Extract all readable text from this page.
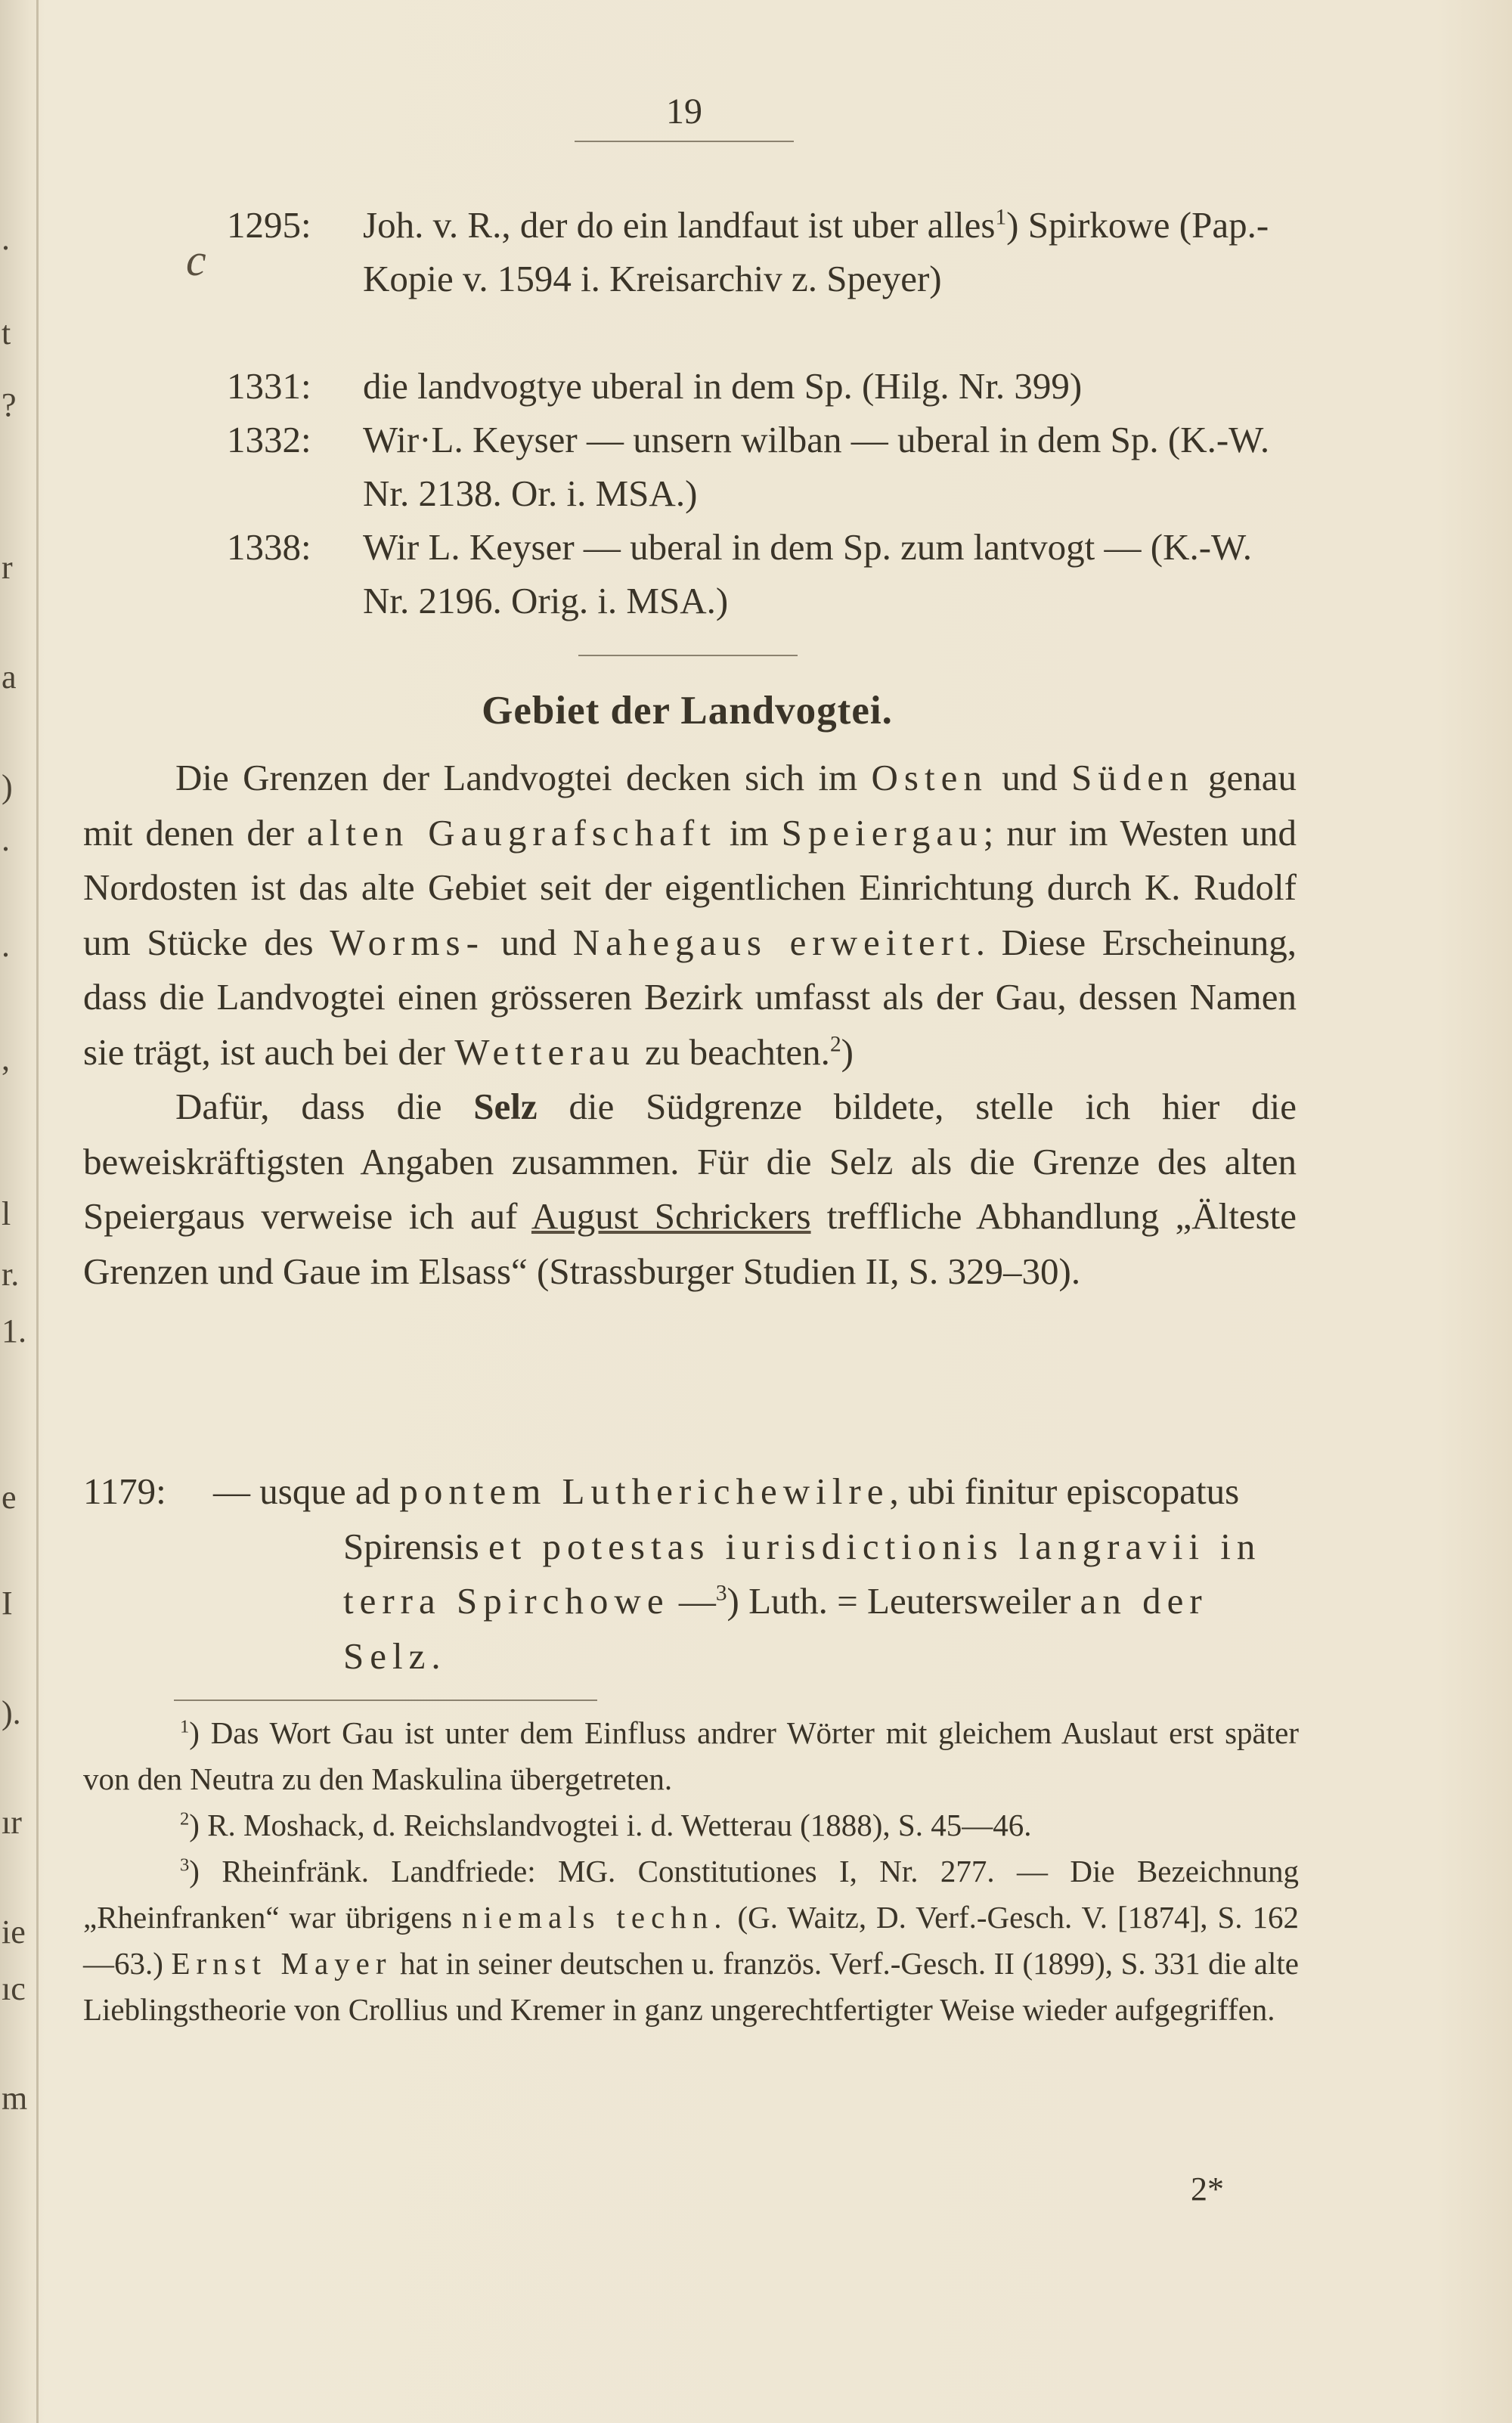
.
t
?
r
a
)
.
.
,
l
r.
1.
e
I
).
ır
ie
ıc
m
19
c
1295:	Joh. v. R., der do ein landfaut ist uber alles$^1$) Spirkowe (Pap.-Kopie v. 1594 i. Kreisarchiv z. Speyer)
1331:	die landvogtye uberal in dem Sp. (Hilg. Nr. 399)
1332:	Wir·L. Keyser — unsern wilban — uberal in dem Sp. (K.-W. Nr. 2138. Or. i. MSA.)
1338:	Wir L. Keyser — uberal in dem Sp. zum lantvogt — (K.-W. Nr. 2196. Orig. i. MSA.)
Gebiet der Landvogtei.

Die Grenzen der Landvogtei decken sich im Osten und Süden genau mit denen der alten Gaugrafschaft im Speiergau; nur im Westen und Nordosten ist das alte Gebiet seit der eigentlichen Einrichtung durch K. Rudolf um Stücke des Worms- und Nahegaus erweitert. Diese Erscheinung, dass die Landvogtei einen grösseren Bezirk umfasst als der Gau, dessen Namen sie trägt, ist auch bei der Wetterau zu beachten.$^2$)

Dafür, dass die Selz die Südgrenze bildete, stelle ich hier die beweiskräftigsten Angaben zusammen. Für die Selz als die Grenze des alten Speiergaus verweise ich auf August Schrickers treffliche Abhandlung „Älteste Grenzen und Gaue im Elsass“ (Strassburger Studien II, S. 329–30).

1179: — usque ad pontem Lutherichewilre, ubi finitur episcopatus Spirensis et potestas iurisdictionis langravii in terra Spirchowe —$^3$) Luth. = Leutersweiler an der Selz.

$^1$) Das Wort Gau ist unter dem Einfluss andrer Wörter mit gleichem Auslaut erst später von den Neutra zu den Maskulina übergetreten.

$^2$) R. Moshack, d. Reichslandvogtei i. d. Wetterau (1888), S. 45—46.

$^3$) Rheinfränk. Landfriede: MG. Constitutiones I, Nr. 277. — Die Bezeichnung „Rheinfranken“ war übrigens niemals techn. (G. Waitz, D. Verf.-Gesch. V. [1874], S. 162—63.) Ernst Mayer hat in seiner deutschen u. französ. Verf.-Gesch. II (1899), S. 331 die alte Lieblingstheorie von Crollius und Kremer in ganz ungerechtfertigter Weise wieder aufgegriffen.

2*
